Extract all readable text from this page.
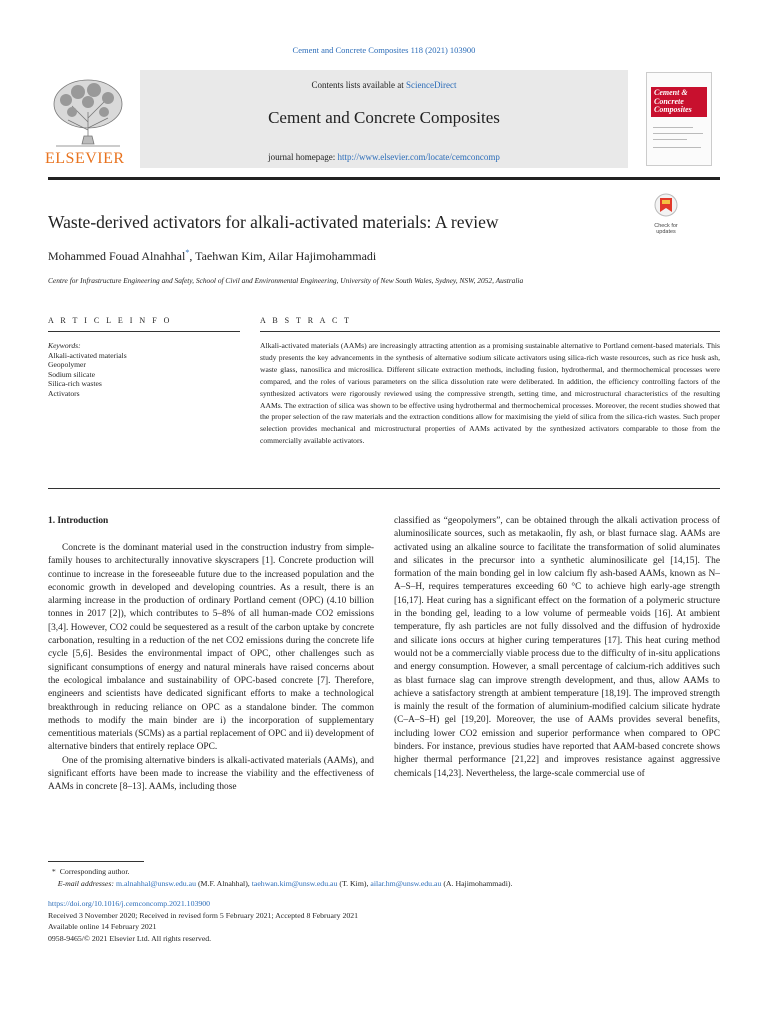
Cement and Concrete Composites 118 (2021) 103900
ELSEVIER
Contents lists available at ScienceDirect
Cement and Concrete Composites
journal homepage: http://www.elsevier.com/locate/cemconcomp
Cement & Concrete Composites
Waste-derived activators for alkali-activated materials: A review	Check for
updates
Mohammed Fouad Alnahhal*, Taehwan Kim, Ailar Hajimohammadi
Centre for Infrastructure Engineering and Safety, School of Civil and Environmental Engineering, University of New South Wales, Sydney, NSW, 2052, Australia
A R T I C L E I N F O
Keywords:
Alkali-activated materials
Geopolymer
Sodium silicate
Silica-rich wastes
Activators
A B S T R A C T
Alkali-activated materials (AAMs) are increasingly attracting attention as a promising sustainable alternative to Portland cement-based materials. This study presents the key advancements in the synthesis of alternative sodium silicate activators using silica-rich waste resources, such as rice husk ash, waste glass, nanosilica and microsilica. Different silicate extraction methods, including fusion, hydrothermal, and thermochemical processes were compared, and the roles of various parameters on the silica dissolution rate were deliberated. In addition, the efficiency controlling factors of the synthesized activators were rigorously reviewed using the compressive strength, setting time, and microstructural characteristics of the resulting AAMs. The extraction of silica was shown to be effective using hydrothermal and thermochemical processes. Moreover, the recent studies showed that the proper selection of the raw materials and the extraction conditions allow for maximising the yield of silica from the silica-rich wastes. Such proper selection provides mechanical and microstructural properties of AAMs activated by the synthesized activators comparable to those from the commercially available activators.
1. Introduction

Concrete is the dominant material used in the construction industry from simple-family houses to architecturally innovative skyscrapers [1]. Concrete production will continue to increase in the foreseeable future due to the increased population and the economic growth in developed and developing countries. As a result, there is an alarming increase in the production of ordinary Portland cement (OPC) (4.10 billion tonnes in 2017 [2]), which contributes to 5–8% of all human-made CO2 emissions [3,4]. However, CO2 could be sequestered as a result of the carbon uptake by concrete carbonation, resulting in a reduction of the net CO2 emissions during the concrete life cycle [5,6]. Besides the environmental impact of OPC, other challenges such as significant consumptions of energy and natural minerals have raised concerns about the ecological imbalance and sustainability of OPC-based concrete [7]. Therefore, engineers and scientists have dedicated significant efforts to make a technological breakthrough in reducing reliance on OPC as a standalone binder. The common methods to modify the main binder are i) the incorporation of supplementary cementitious materials (SCMs) as a partial replacement of OPC and ii) development of alternative binders that entirely replace OPC.

One of the promising alternative binders is alkali-activated materials (AAMs), and significant efforts have been made to increase the viability and the effectiveness of AAMs in concrete [8–13]. AAMs, including those

classified as “geopolymers”, can be obtained through the alkali activation process of aluminosilicate sources, such as metakaolin, fly ash, or blast furnace slag. AAMs are activated using an alkaline source to facilitate the transformation of solid aluminates and silicates in the precursor into a synthetic aluminosilicate gel [14,15]. The formation of the main bonding gel in low calcium fly ash-based AAMs, known as N–A–S–H, requires temperatures exceeding 60 °C to achieve high early-age strength [16,17]. Heat curing has a significant effect on the formation of a polymeric structure in the bonding gel, leading to a low volume of permeable voids [16]. At ambient temperature, fly ash particles are not fully dissolved and the diffusion of hydroxide and silicate ions occurs at higher curing temperatures [17]. This heat curing method would not be a commercially viable process due to the difficulty of in-situ applications and energy consumption. However, a small percentage of calcium-rich additives such as blast furnace slag can improve strength development, and thus, allow AAMs to achieve a satisfactory strength at ambient temperature [18,19]. The improved strength is mainly the result of the formation of aluminium-modified calcium silicate hydrate (C–A–S–H) gel [19,20]. Moreover, the use of AAMs provides several benefits, including lower CO2 emission and superior performance when compared to OPC binders. For instance, previous studies have reported that AAM-based concrete shows higher thermal performance [21,22] and improves resistance against aggressive chemicals [14,23]. Nevertheless, the large-scale commercial use of

* Corresponding author.
E-mail addresses: m.alnahhal@unsw.edu.au (M.F. Alnahhal), taehwan.kim@unsw.edu.au (T. Kim), ailar.hm@unsw.edu.au (A. Hajimohammadi).
https://doi.org/10.1016/j.cemconcomp.2021.103900
Received 3 November 2020; Received in revised form 5 February 2021; Accepted 8 February 2021
Available online 14 February 2021
0958-9465/© 2021 Elsevier Ltd. All rights reserved.
